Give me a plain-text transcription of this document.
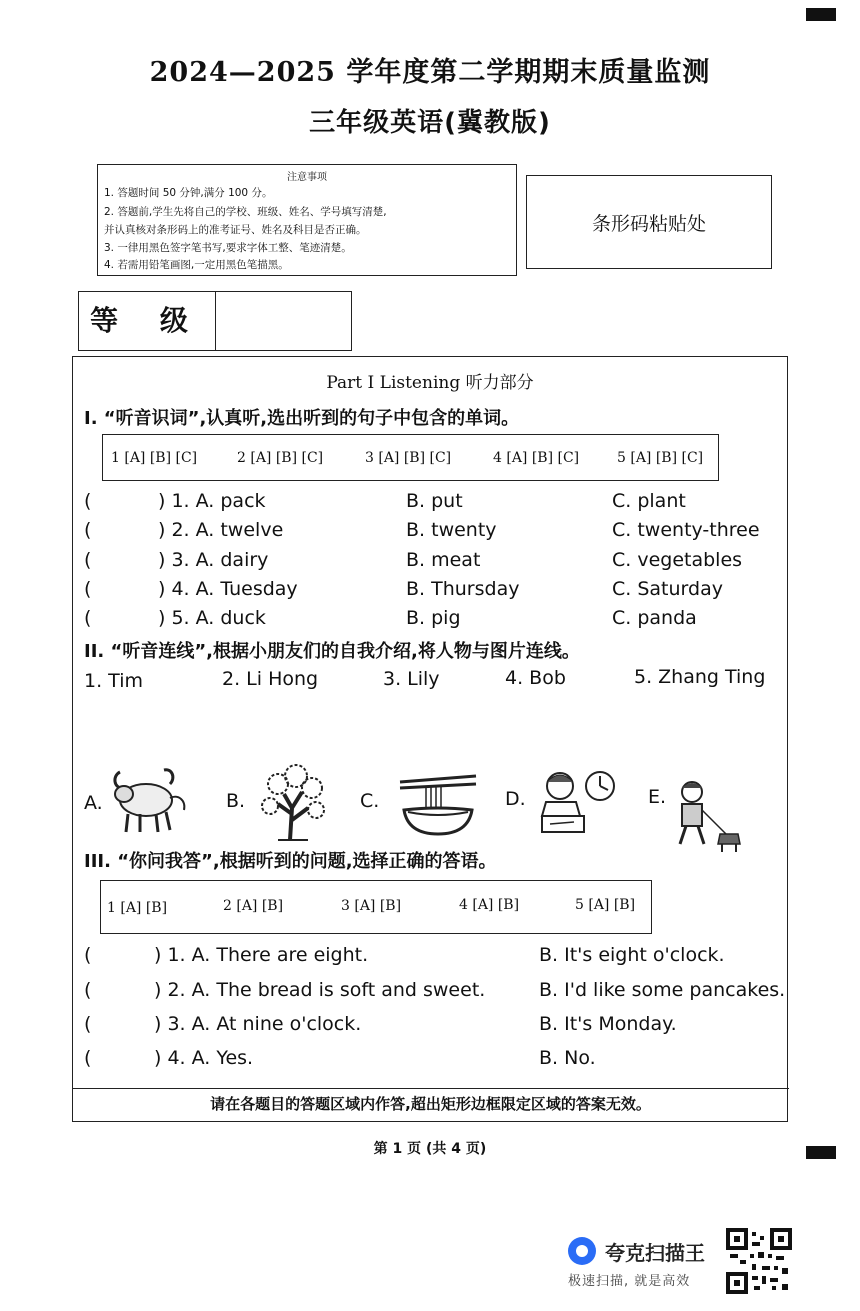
2024—2025 学年度第二学期期末质量监测
三年级英语(冀教版)
注意事项
1. 答题时间 50 分钟,满分 100 分。
2. 答题前,学生先将自己的学校、班级、姓名、学号填写清楚,
并认真核对条形码上的准考证号、姓名及科目是否正确。
3. 一律用黑色签字笔书写,要求字体工整、笔迹清楚。
4. 若需用铅笔画图,一定用黑色笔描黑。
条形码粘贴处
等 级
Part I Listening 听力部分
I. “听音识词”,认真听,选出听到的句子中包含的单词。
1 [A] [B] [C]	2 [A] [B] [C]	3 [A] [B] [C]	4 [A] [B] [C]	5 [A] [B] [C]
(	) 1. A. pack	B. put	C. plant
(	) 2. A. twelve	B. twenty	C. twenty-three
(	) 3. A. dairy	B. meat	C. vegetables
(	) 4. A. Tuesday	B. Thursday	C. Saturday
(	) 5. A. duck	B. pig	C. panda
II. “听音连线”,根据小朋友们的自我介绍,将人物与图片连线。
1. Tim	2. Li Hong	3. Lily	4. Bob	5. Zhang Ting
A.	B.	C.	D.	E.
III. “你问我答”,根据听到的问题,选择正确的答语。
1 [A] [B]	2 [A] [B]	3 [A] [B]	4 [A] [B]	5 [A] [B]
(	) 1. A. There are eight.	B. It's eight o'clock.
(	) 2. A. The bread is soft and sweet.	B. I'd like some pancakes.
(	) 3. A. At nine o'clock.	B. It's Monday.
(	) 4. A. Yes.	B. No.
请在各题目的答题区域内作答,超出矩形边框限定区域的答案无效。
第 1 页 (共 4 页)
夸克扫描王
极速扫描, 就是高效
